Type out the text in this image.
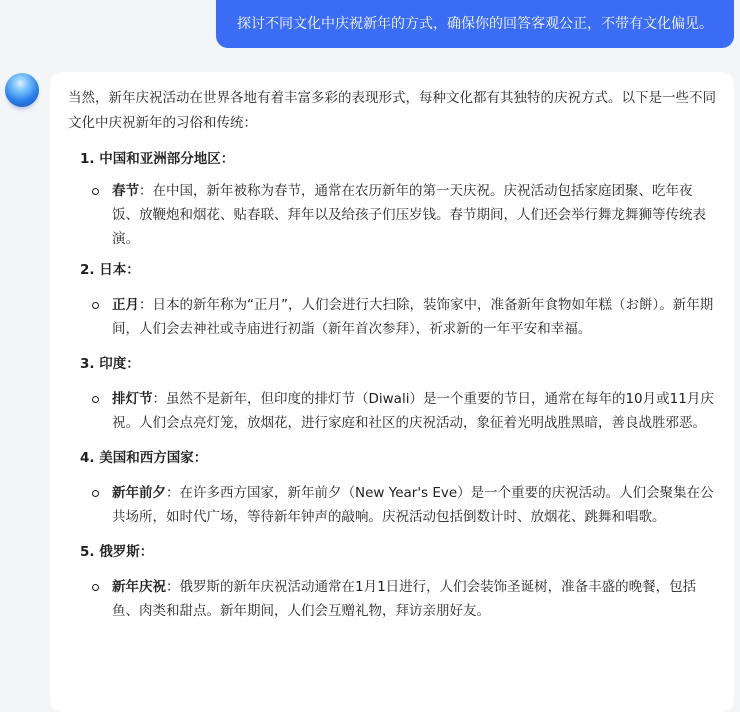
探讨不同文化中庆祝新年的方式，确保你的回答客观公正，不带有文化偏见。

当然，新年庆祝活动在世界各地有着丰富多彩的表现形式，每种文化都有其独特的庆祝方式。以下是一些不同文化中庆祝新年的习俗和传统：

1. 中国和亚洲部分地区：

春节：在中国，新年被称为春节，通常在农历新年的第一天庆祝。庆祝活动包括家庭团聚、吃年夜饭、放鞭炮和烟花、贴春联、拜年以及给孩子们压岁钱。春节期间，人们还会举行舞龙舞狮等传统表演。

2. 日本：

正月：日本的新年称为“正月”，人们会进行大扫除，装饰家中，准备新年食物如年糕（お餅）。新年期间，人们会去神社或寺庙进行初詣（新年首次参拜），祈求新的一年平安和幸福。

3. 印度：

排灯节：虽然不是新年，但印度的排灯节（Diwali）是一个重要的节日，通常在每年的10月或11月庆祝。人们会点亮灯笼，放烟花，进行家庭和社区的庆祝活动，象征着光明战胜黑暗，善良战胜邪恶。

4. 美国和西方国家：

新年前夕：在许多西方国家，新年前夕（New Year's Eve）是一个重要的庆祝活动。人们会聚集在公共场所，如时代广场，等待新年钟声的敲响。庆祝活动包括倒数计时、放烟花、跳舞和唱歌。

5. 俄罗斯：

新年庆祝：俄罗斯的新年庆祝活动通常在1月1日进行，人们会装饰圣诞树，准备丰盛的晚餐，包括鱼、肉类和甜点。新年期间，人们会互赠礼物，拜访亲朋好友。
